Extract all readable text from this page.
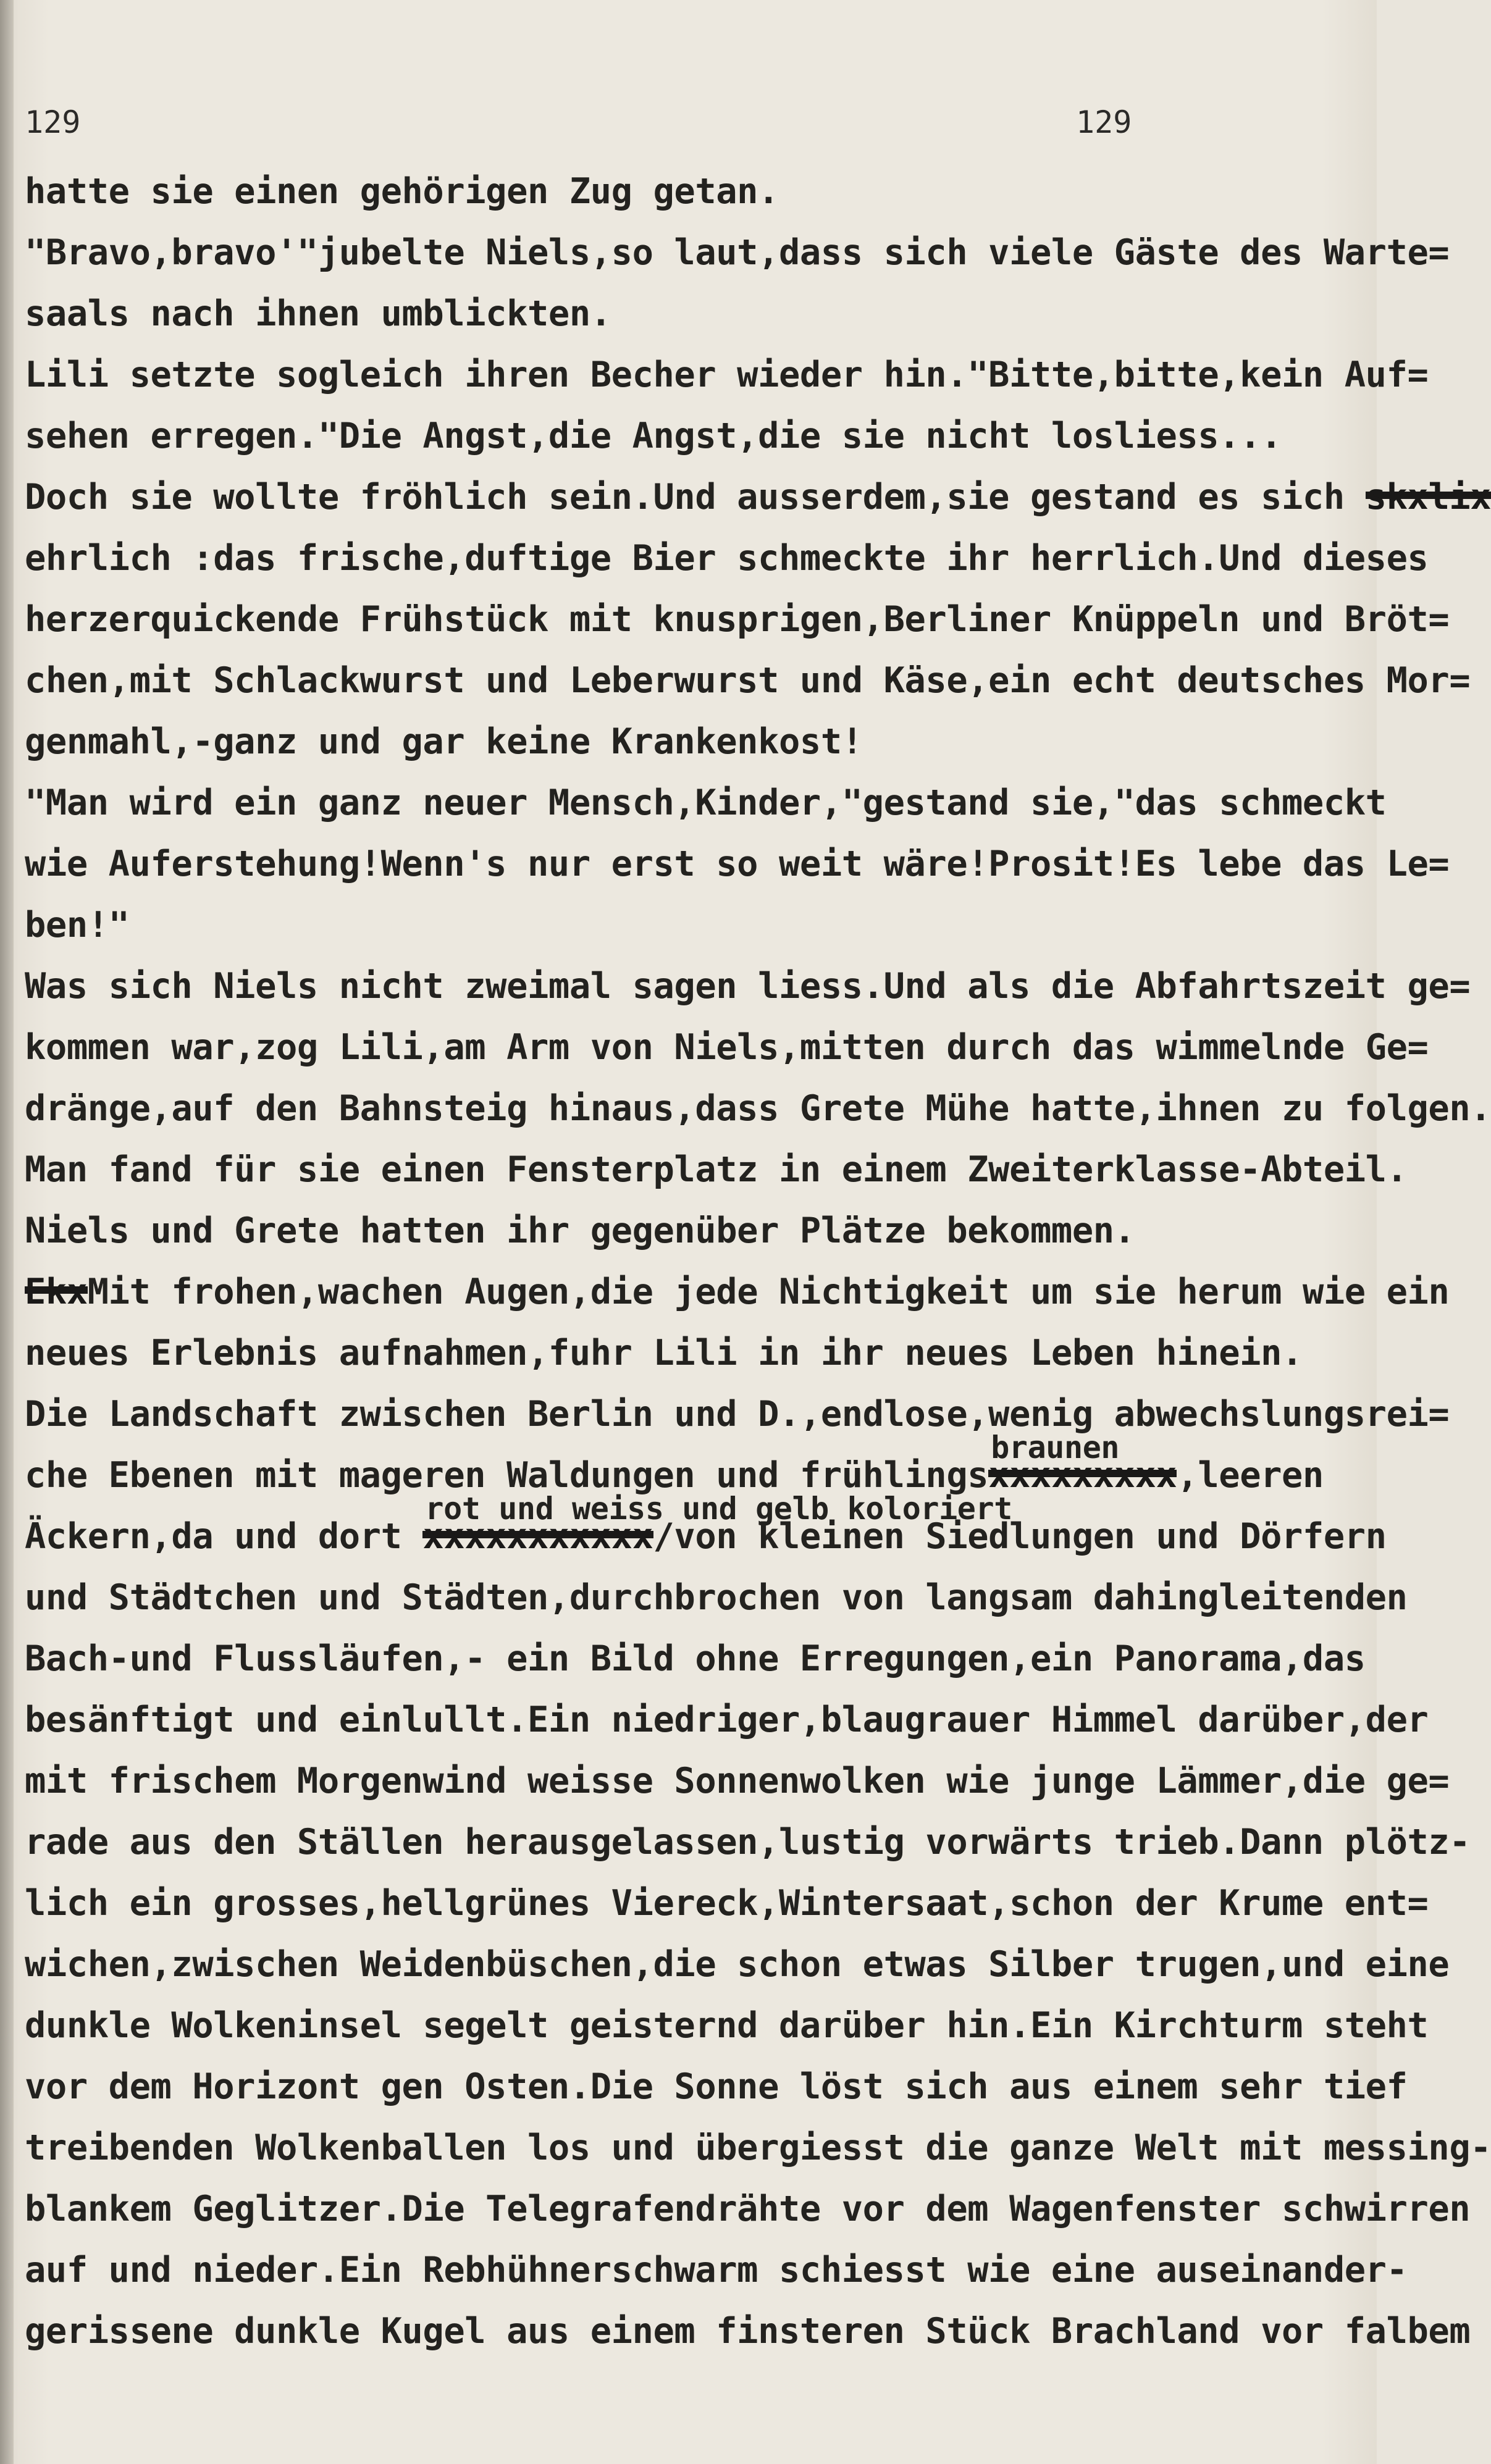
129	129
hatte sie einen gehörigen Zug getan.
"Bravo,bravo'"jubelte Niels,so laut,dass sich viele Gäste des Warte=
saals nach ihnen umblickten.
Lili setzte sogleich ihren Becher wieder hin."Bitte,bitte,kein Auf=
sehen erregen."Die Angst,die Angst,die sie nicht losliess...
Doch sie wollte fröhlich sein.Und ausserdem,sie gestand es sich skxlix
ehrlich :das frische,duftige Bier schmeckte ihr herrlich.Und dieses
herzerquickende Frühstück mit knusprigen,Berliner Knüppeln und Bröt=
chen,mit Schlackwurst und Leberwurst und Käse,ein echt deutsches Mor=
genmahl,-ganz und gar keine Krankenkost!
"Man wird ein ganz neuer Mensch,Kinder,"gestand sie,"das schmeckt
wie Auferstehung!Wenn's nur erst so weit wäre!Prosit!Es lebe das Le=
ben!"
Was sich Niels nicht zweimal sagen liess.Und als die Abfahrtszeit ge=
kommen war,zog Lili,am Arm von Niels,mitten durch das wimmelnde Ge=
dränge,auf den Bahnsteig hinaus,dass Grete Mühe hatte,ihnen zu folgen.
Man fand für sie einen Fensterplatz in einem Zweiterklasse-Abteil.
Niels und Grete hatten ihr gegenüber Plätze bekommen.
EkxMit frohen,wachen Augen,die jede Nichtigkeit um sie herum wie ein
neues Erlebnis aufnahmen,fuhr Lili in ihr neues Leben hinein.
Die Landschaft zwischen Berlin und D.,endlose,wenig abwechslungsrei=
che Ebenen mit mageren Waldungen und frühlings
braunen
xxxxxxxxx,leeren
Äckern,da und dort
rot und weiss und gelb koloriert
xxxxxxxxxxx/von kleinen Siedlungen und Dörfern
und Städtchen und Städten,durchbrochen von langsam dahingleitenden
Bach-und Flussläufen,- ein Bild ohne Erregungen,ein Panorama,das
besänftigt und einlullt.Ein niedriger,blaugrauer Himmel darüber,der
mit frischem Morgenwind weisse Sonnenwolken wie junge Lämmer,die ge=
rade aus den Ställen herausgelassen,lustig vorwärts trieb.Dann plötz-
lich ein grosses,hellgrünes Viereck,Wintersaat,schon der Krume ent=
wichen,zwischen Weidenbüschen,die schon etwas Silber trugen,und eine
dunkle Wolkeninsel segelt geisternd darüber hin.Ein Kirchturm steht
vor dem Horizont gen Osten.Die Sonne löst sich aus einem sehr tief
treibenden Wolkenballen los und übergiesst die ganze Welt mit messing-
blankem Geglitzer.Die Telegrafendrähte vor dem Wagenfenster schwirren
auf und nieder.Ein Rebhühnerschwarm schiesst wie eine auseinander-
gerissene dunkle Kugel aus einem finsteren Stück Brachland vor falbem
